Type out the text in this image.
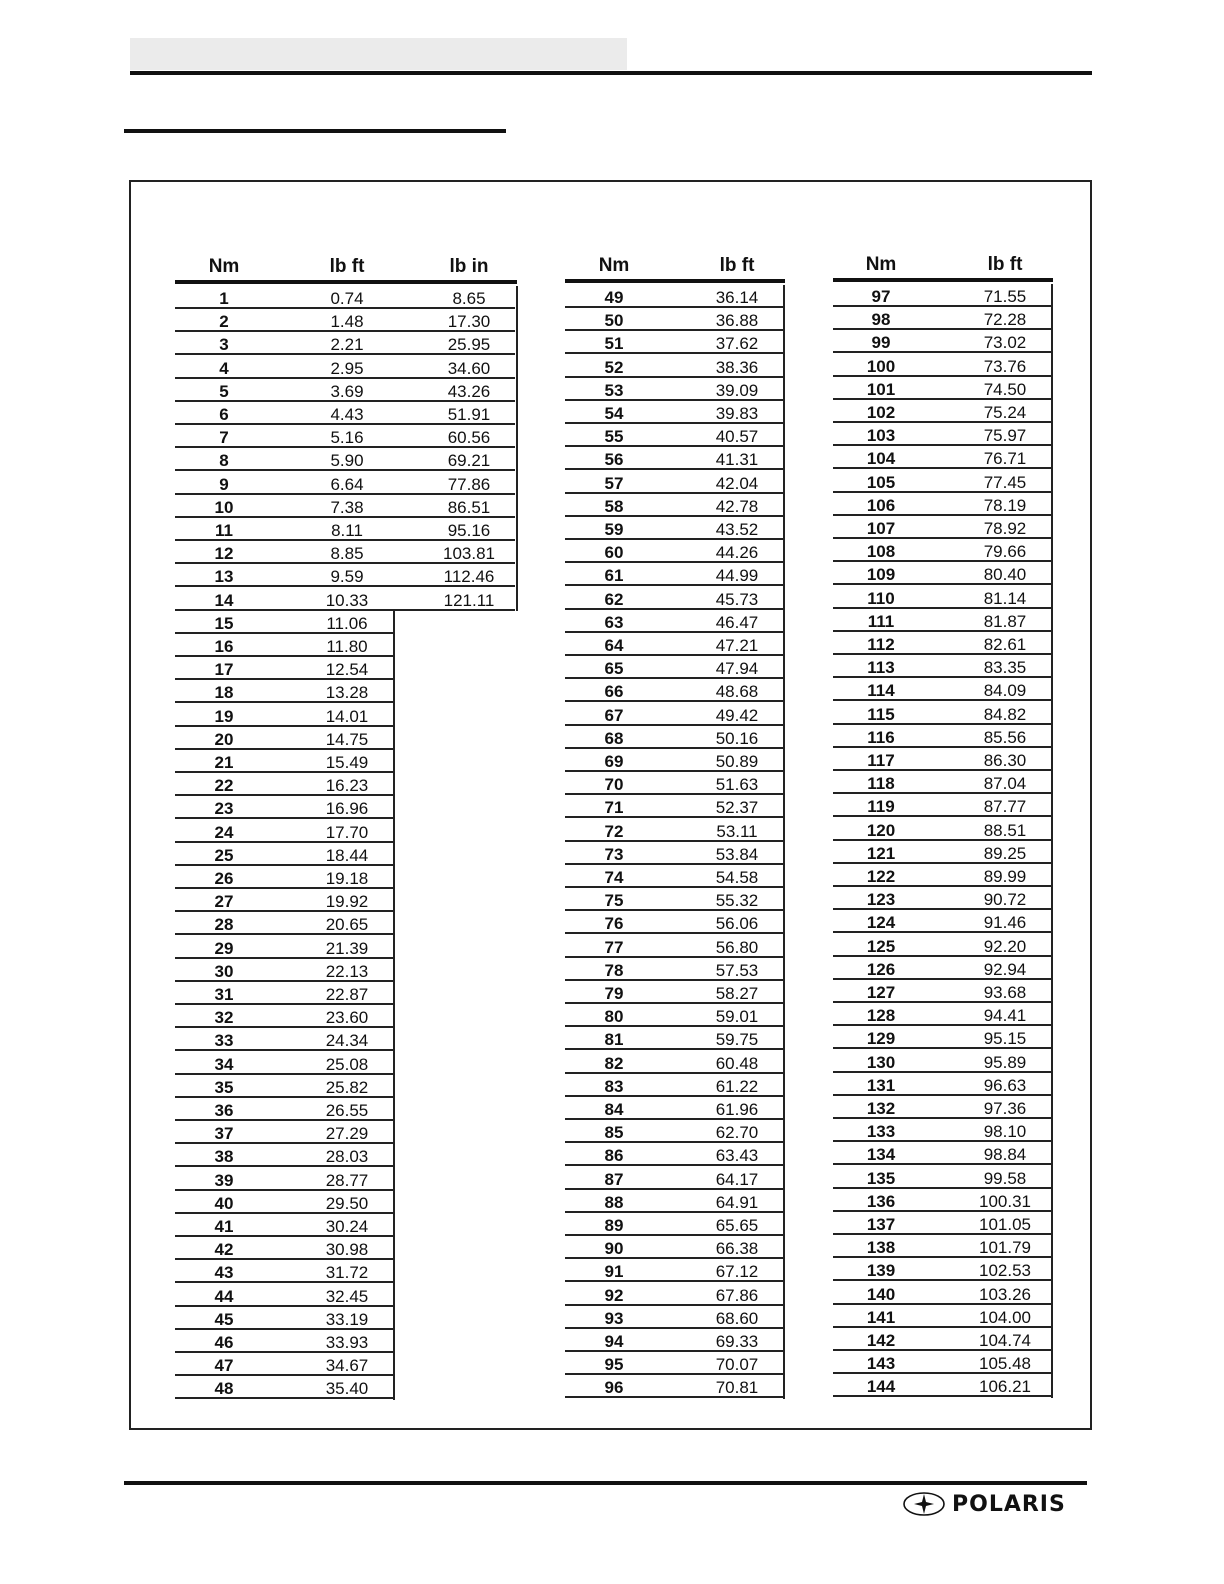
Nm	lb ft	lb in
1	0.74	8.65
2	1.48	17.30
3	2.21	25.95
4	2.95	34.60
5	3.69	43.26
6	4.43	51.91
7	5.16	60.56
8	5.90	69.21
9	6.64	77.86
10	7.38	86.51
11	8.11	95.16
12	8.85	103.81
13	9.59	112.46
14	10.33	121.11
15	11.06
16	11.80
17	12.54
18	13.28
19	14.01
20	14.75
21	15.49
22	16.23
23	16.96
24	17.70
25	18.44
26	19.18
27	19.92
28	20.65
29	21.39
30	22.13
31	22.87
32	23.60
33	24.34
34	25.08
35	25.82
36	26.55
37	27.29
38	28.03
39	28.77
40	29.50
41	30.24
42	30.98
43	31.72
44	32.45
45	33.19
46	33.93
47	34.67
48	35.40
Nm	lb ft
49	36.14
50	36.88
51	37.62
52	38.36
53	39.09
54	39.83
55	40.57
56	41.31
57	42.04
58	42.78
59	43.52
60	44.26
61	44.99
62	45.73
63	46.47
64	47.21
65	47.94
66	48.68
67	49.42
68	50.16
69	50.89
70	51.63
71	52.37
72	53.11
73	53.84
74	54.58
75	55.32
76	56.06
77	56.80
78	57.53
79	58.27
80	59.01
81	59.75
82	60.48
83	61.22
84	61.96
85	62.70
86	63.43
87	64.17
88	64.91
89	65.65
90	66.38
91	67.12
92	67.86
93	68.60
94	69.33
95	70.07
96	70.81
Nm	lb ft
97	71.55
98	72.28
99	73.02
100	73.76
101	74.50
102	75.24
103	75.97
104	76.71
105	77.45
106	78.19
107	78.92
108	79.66
109	80.40
110	81.14
111	81.87
112	82.61
113	83.35
114	84.09
115	84.82
116	85.56
117	86.30
118	87.04
119	87.77
120	88.51
121	89.25
122	89.99
123	90.72
124	91.46
125	92.20
126	92.94
127	93.68
128	94.41
129	95.15
130	95.89
131	96.63
132	97.36
133	98.10
134	98.84
135	99.58
136	100.31
137	101.05
138	101.79
139	102.53
140	103.26
141	104.00
142	104.74
143	105.48
144	106.21
POLARIS
